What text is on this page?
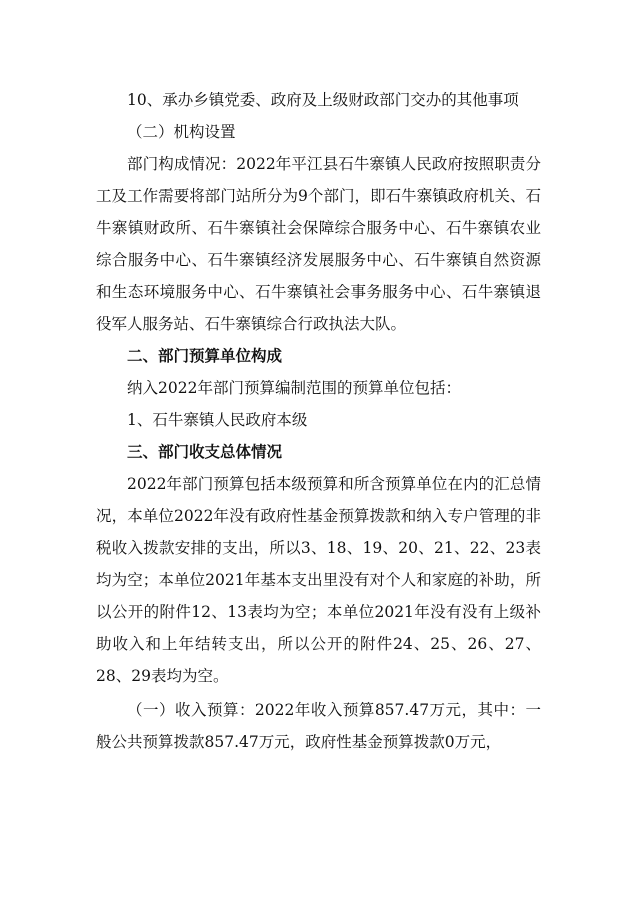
10、承办乡镇党委、政府及上级财政部门交办的其他事项

（二）机构设置

部门构成情况：2022年平江县石牛寨镇人民政府按照职责分工及工作需要将部门站所分为9个部门，即石牛寨镇政府机关、石牛寨镇财政所、石牛寨镇社会保障综合服务中心、石牛寨镇农业综合服务中心、石牛寨镇经济发展服务中心、石牛寨镇自然资源和生态环境服务中心、石牛寨镇社会事务服务中心、石牛寨镇退役军人服务站、石牛寨镇综合行政执法大队。

二、部门预算单位构成

纳入2022年部门预算编制范围的预算单位包括：

1、石牛寨镇人民政府本级

三、部门收支总体情况

2022年部门预算包括本级预算和所含预算单位在内的汇总情况，本单位2022年没有政府性基金预算拨款和纳入专户管理的非税收入拨款安排的支出，所以3、18、19、20、21、22、23表均为空；本单位2021年基本支出里没有对个人和家庭的补助，所以公开的附件12、13表均为空；本单位2021年没有没有上级补助收入和上年结转支出，所以公开的附件24、25、26、27、28、29表均为空。

（一）收入预算：2022年收入预算857.47万元，其中：一般公共预算拨款857.47万元，政府性基金预算拨款0万元，
